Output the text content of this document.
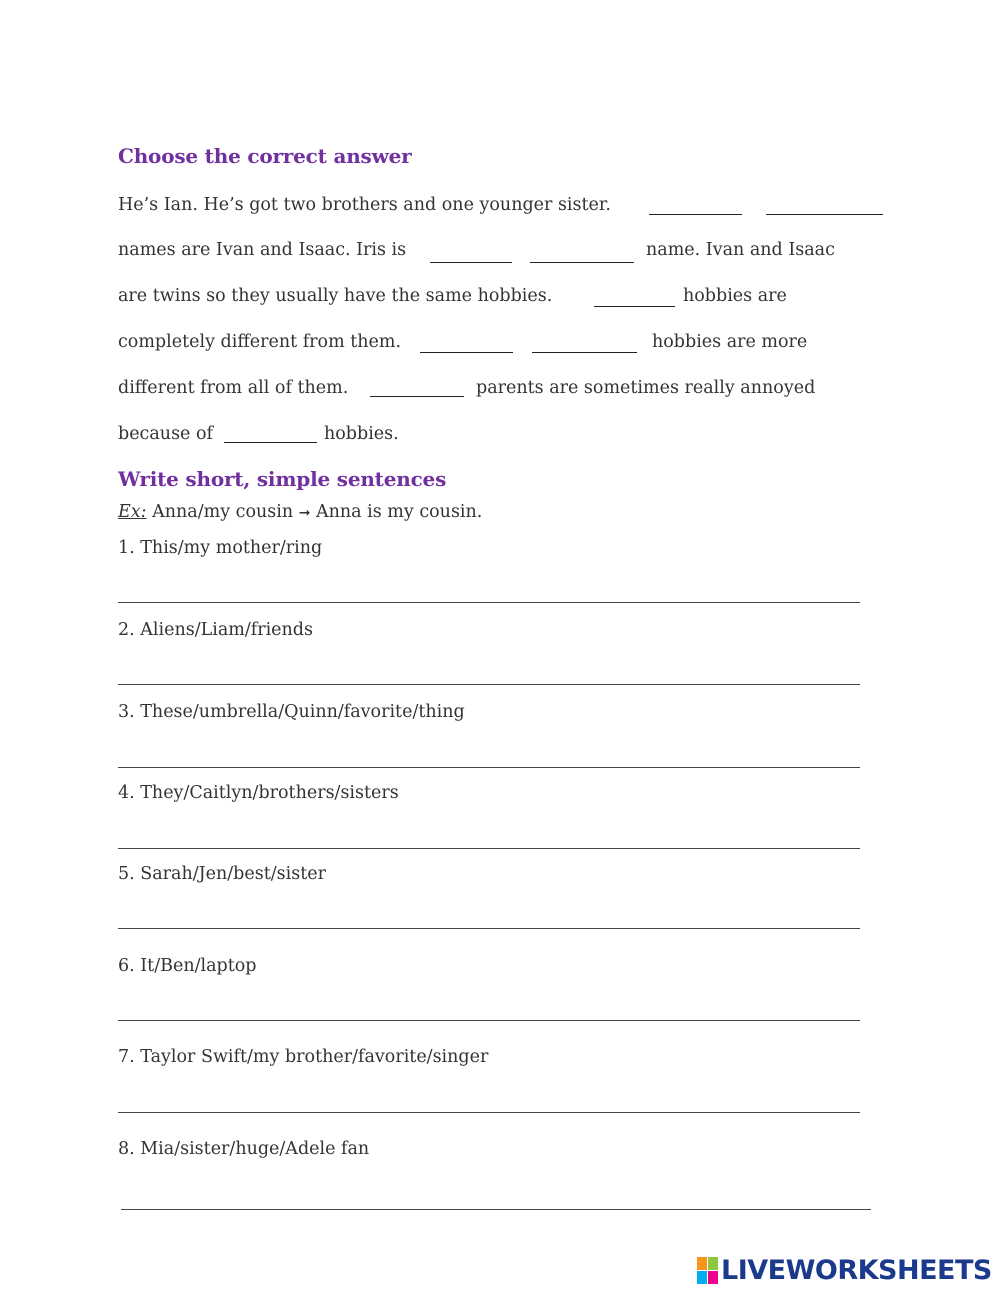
Choose the correct answer
He’s Ian. He’s got two brothers and one younger sister.
names are Ivan and Isaac. Iris is	name. Ivan and Isaac
are twins so they usually have the same hobbies.	hobbies are
completely different from them.	hobbies are more
different from all of them.	parents are sometimes really annoyed
because of	hobbies.
Write short, simple sentences
Ex: Anna/my cousin ➞ Anna is my cousin.
1. This/my mother/ring
2. Aliens/Liam/friends
3. These/umbrella/Quinn/favorite/thing
4. They/Caitlyn/brothers/sisters
5. Sarah/Jen/best/sister
6. It/Ben/laptop
7. Taylor Swift/my brother/favorite/singer
8. Mia/sister/huge/Adele fan
LIVEWORKSHEETS
